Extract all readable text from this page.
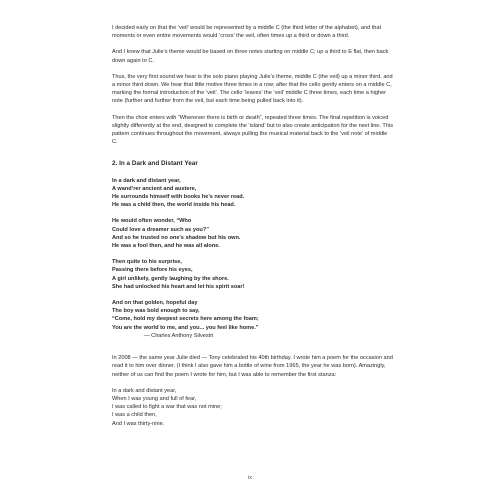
I decided early on that the ‘veil’ would be represented by a middle C (the third letter of the alphabet), and that moments or even entire movements would ‘cross’ the veil, often times up a third or down a third.

And I knew that Julie’s theme would be based on three notes starting on middle C; up a third to E flat, then back down again to C.

Thus, the very first sound we hear is the solo piano playing Julie’s theme, middle C (the veil) up a minor third, and a minor third down. We hear that little motive three times in a row; after that the cello gently enters on a middle C, marking the formal introduction of the ‘veil’. The cello ‘leaves’ the ‘veil’ middle C three times, each time a higher note (further and further from the veil, but each time being pulled back into it).

Then the choir enters with “Whenever there is birth or death”, repeated three times. The final repetition is voiced slightly differently at the end, designed to complete the ‘island’ but to also create anticipation for the next line. This pattern continues throughout the movement, always pulling the musical material back to the ‘veil note’ of middle C.

2. In a Dark and Distant Year
In a dark and distant year,
A wand’rer ancient and austere,
He surrounds himself with books he’s never read.
He was a child then, the world inside his head.
He would often wonder, “Who
Could love a dreamer such as you?”
And so he trusted no one’s shadow but his own.
He was a fool then, and he was all alone.
Then quite to his surprise,
Passing there before his eyes,
A girl unlikely, gently laughing by the shore.
She had unlocked his heart and let his spirit soar!
And on that golden, hopeful day
The boy was bold enough to say,
“Come, hold my deepest secrets here among the foam;
You are the world to me, and you... you feel like home.”
— Charles Anthony Silvestri

In 2008 — the same year Julie died — Tony celebrated his 40th birthday. I wrote him a poem for the occasion and read it to him over dinner. (I think I also gave him a bottle of wine from 1965, the year he was born). Amazingly, neither of us can find the poem I wrote for him, but I was able to remember the first stanza:

In a dark and distant year,
When I was young and full of fear,
I was called to fight a war that was not mine;
I was a child then,
And I was thirty-nine.
ix
